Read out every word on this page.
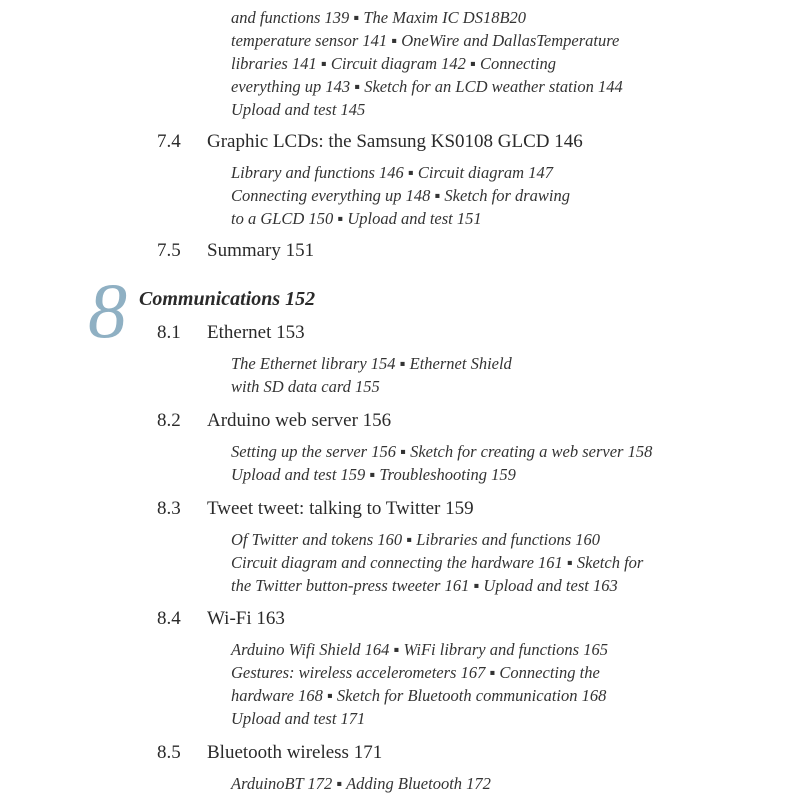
and functions 139 ▪ The Maxim IC DS18B20
temperature sensor 141 ▪ OneWire and DallasTemperature
libraries 141 ▪ Circuit diagram 142 ▪ Connecting
everything up 143 ▪ Sketch for an LCD weather station 144
Upload and test 145
7.4 Graphic LCDs: the Samsung KS0108 GLCD 146
Library and functions 146 ▪ Circuit diagram 147
Connecting everything up 148 ▪ Sketch for drawing
to a GLCD 150 ▪ Upload and test 151
7.5 Summary 151
8 Communications 152
8.1 Ethernet 153
The Ethernet library 154 ▪ Ethernet Shield
with SD data card 155
8.2 Arduino web server 156
Setting up the server 156 ▪ Sketch for creating a web server 158
Upload and test 159 ▪ Troubleshooting 159
8.3 Tweet tweet: talking to Twitter 159
Of Twitter and tokens 160 ▪ Libraries and functions 160
Circuit diagram and connecting the hardware 161 ▪ Sketch for
the Twitter button-press tweeter 161 ▪ Upload and test 163
8.4 Wi-Fi 163
Arduino Wifi Shield 164 ▪ WiFi library and functions 165
Gestures: wireless accelerometers 167 ▪ Connecting the
hardware 168 ▪ Sketch for Bluetooth communication 168
Upload and test 171
8.5 Bluetooth wireless 171
ArduinoBT 172 ▪ Adding Bluetooth 172
